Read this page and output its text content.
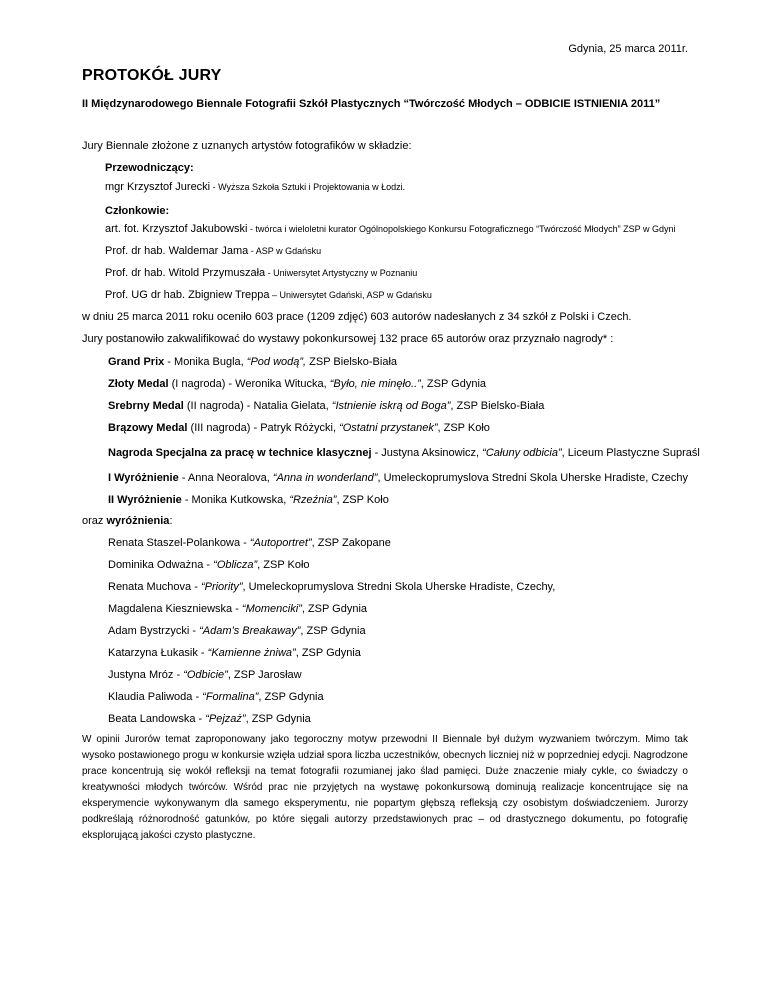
Gdynia, 25 marca 2011r.
PROTOKÓŁ JURY
II Międzynarodowego Biennale Fotografii Szkół Plastycznych “Twórczość Młodych – ODBICIE ISTNIENIA 2011”
Jury Biennale złożone z uznanych artystów fotografików w składzie:
Przewodniczący:
mgr Krzysztof Jurecki - Wyższa Szkoła Sztuki i Projektowania w Łodzi.
Członkowie:
art. fot. Krzysztof Jakubowski - twórca i wieloletni kurator Ogólnopolskiego Konkursu Fotograficznego “Twórczość Młodych” ZSP w Gdyni
Prof. dr hab. Waldemar Jama - ASP w Gdańsku
Prof. dr hab. Witold Przymuszała - Uniwersytet Artystyczny w Poznaniu
Prof. UG dr hab. Zbigniew Treppa – Uniwersytet Gdański, ASP w Gdańsku
w dniu 25 marca 2011 roku oceniło 603 prace (1209 zdjęć) 603 autorów nadesłanych z 34 szkół z Polski i Czech.
Jury postanowiło zakwalifikować do wystawy pokonkursowej 132 prace 65 autorów oraz przyznało nagrody* :
Grand Prix - Monika Bugla, “Pod wodą”, ZSP Bielsko-Biała
Złoty Medal (I nagroda) - Weronika Witucka, “Było, nie minęło..”, ZSP Gdynia
Srebrny Medal (II nagroda) - Natalia Gielata, “Istnienie iskrą od Boga”, ZSP Bielsko-Biała
Brązowy Medal (III nagroda) - Patryk Różycki, “Ostatni przystanek”, ZSP Koło
Nagroda Specjalna za pracę w technice klasycznej - Justyna Aksinowicz, “Całuny odbicia”, Liceum Plastyczne Supraśl
I Wyróżnienie - Anna Neoralova, “Anna in wonderland”, Umeleckoprumyslova Stredni Skola Uherske Hradiste, Czechy
II Wyróżnienie - Monika Kutkowska, “Rzeźnia”, ZSP Koło
oraz wyróżnienia:
Renata Staszel-Polankowa - “Autoportret”, ZSP Zakopane
Dominika Odważna - “Oblicza”, ZSP Koło
Renata Muchova - “Priority”, Umeleckoprumyslova Stredni Skola Uherske Hradiste, Czechy,
Magdalena Kieszniewska - “Momenciki”, ZSP Gdynia
Adam Bystrzycki - “Adam’s Breakaway”, ZSP Gdynia
Katarzyna Łukasik - “Kamienne żniwa”, ZSP Gdynia
Justyna Mróz - “Odbicie”, ZSP Jarosław
Klaudia Paliwoda - “Formalina”, ZSP Gdynia
Beata Landowska - “Pejzaż”, ZSP Gdynia
W opinii Jurorów temat zaproponowany jako tegoroczny motyw przewodni II Biennale był dużym wyzwaniem twórczym. Mimo tak wysoko postawionego progu w konkursie wzięła udział spora liczba uczestników, obecnych liczniej niż w poprzedniej edycji. Nagrodzone prace koncentrują się wokół refleksji na temat fotografii rozumianej jako ślad pamięci. Duże znaczenie miały cykle, co świadczy o kreatywności młodych twórców. Wśród prac nie przyjętych na wystawę pokonkursową dominują realizacje koncentrujące się na eksperymencie wykonywanym dla samego eksperymentu, nie popartym głębszą refleksją czy osobistym doświadczeniem. Jurorzy podkreślają różnorodność gatunków, po które sięgali autorzy przedstawionych prac – od drastycznego dokumentu, po fotografię eksplorującą jakości czysto plastyczne.
